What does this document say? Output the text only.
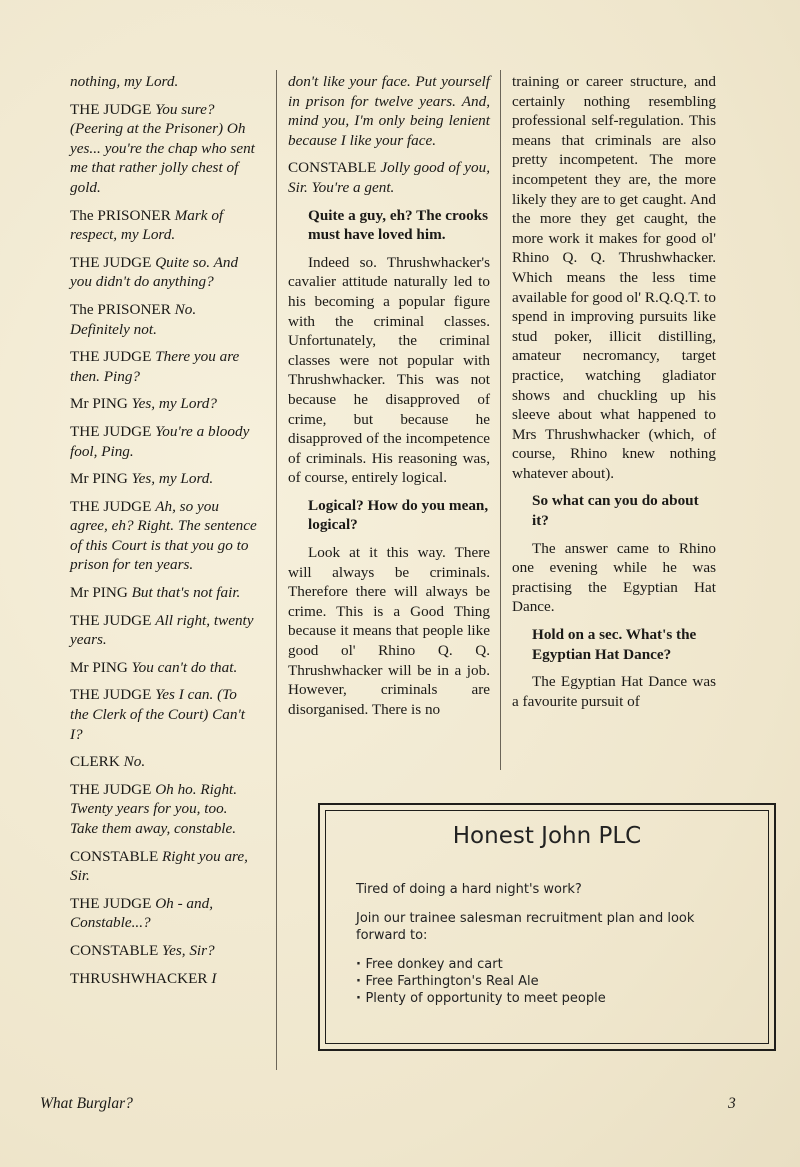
nothing, my Lord.

THE JUDGE You sure? (Peering at the Prisoner) Oh yes... you're the chap who sent me that rather jolly chest of gold.

The PRISONER Mark of respect, my Lord.

THE JUDGE Quite so. And you didn't do anything?

The PRISONER No. Definitely not.

THE JUDGE There you are then. Ping?

Mr PING Yes, my Lord?

THE JUDGE You're a bloody fool, Ping.

Mr PING Yes, my Lord.

THE JUDGE Ah, so you agree, eh? Right. The sentence of this Court is that you go to prison for ten years.

Mr PING But that's not fair.

THE JUDGE All right, twenty years.

Mr PING You can't do that.

THE JUDGE Yes I can. (To the Clerk of the Court) Can't I?

CLERK No.

THE JUDGE Oh ho. Right. Twenty years for you, too. Take them away, constable.

CONSTABLE Right you are, Sir.

THE JUDGE Oh - and, Constable...?

CONSTABLE Yes, Sir?

THRUSHWHACKER I

don't like your face. Put yourself in prison for twelve years. And, mind you, I'm only being lenient because I like your face.

CONSTABLE Jolly good of you, Sir. You're a gent.

Quite a guy, eh? The crooks must have loved him.

Indeed so. Thrushwhacker's cavalier attitude naturally led to his becoming a popular figure with the criminal classes. Unfortunately, the criminal classes were not popular with Thrushwhacker. This was not because he disapproved of crime, but because he disapproved of the incompetence of criminals. His reasoning was, of course, entirely logical.

Logical? How do you mean, logical?

Look at it this way. There will always be criminals. Therefore there will always be crime. This is a Good Thing because it means that people like good ol' Rhino Q. Q. Thrushwhacker will be in a job. However, criminals are disorganised. There is no

training or career structure, and certainly nothing resembling professional self-regulation. This means that criminals are also pretty incompetent. The more incompetent they are, the more likely they are to get caught. And the more they get caught, the more work it makes for good ol' Rhino Q. Q. Thrushwhacker. Which means the less time available for good ol' R.Q.Q.T. to spend in improving pursuits like stud poker, illicit distilling, amateur necromancy, target practice, watching gladiator shows and chuckling up his sleeve about what happened to Mrs Thrushwhacker (which, of course, Rhino knew nothing whatever about).

So what can you do about it?

The answer came to Rhino one evening while he was practising the Egyptian Hat Dance.

Hold on a sec. What's the Egyptian Hat Dance?

The Egyptian Hat Dance was a favourite pursuit of

Honest John PLC

Tired of doing a hard night's work?

Join our trainee salesman recruitment plan and look forward to:

· Free donkey and cart
· Free Farthington's Real Ale
· Plenty of opportunity to meet people
What Burglar?	3
